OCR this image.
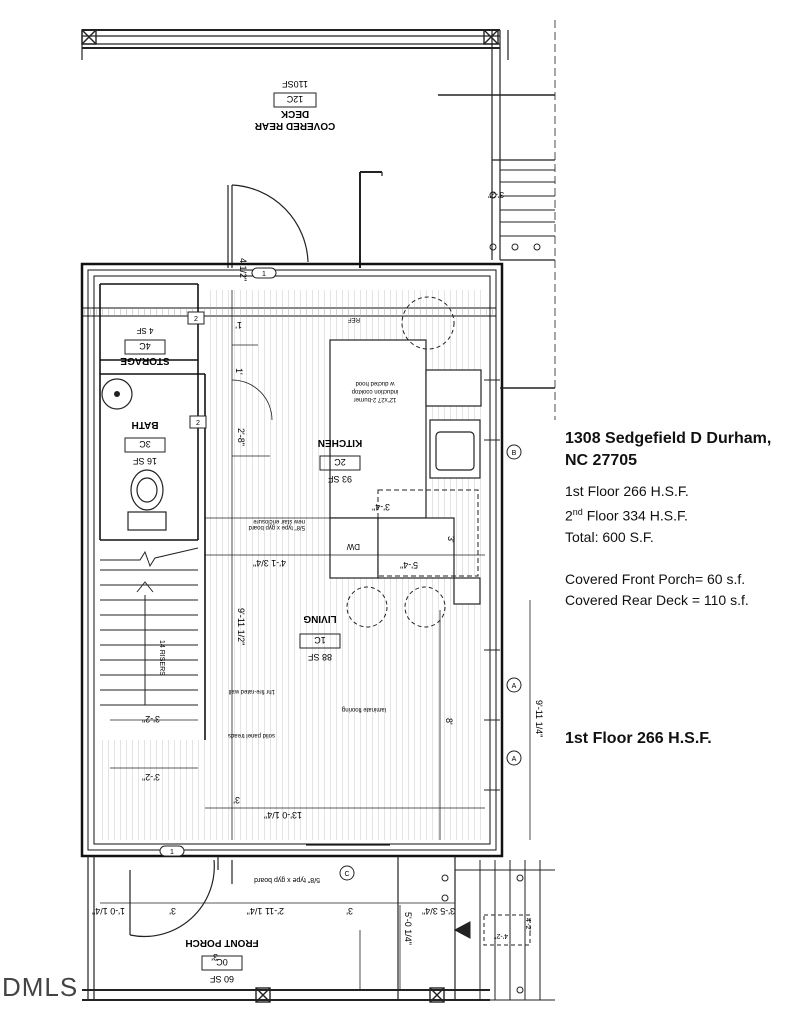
COVERED REAR
DECK
12C
110SF
3'-2"
4 1/2"
STORAGE
4C
4 SF
16 SF
3C
BATH
14 RISERS
DW
REF
12"x27 2-burner
induction cooktop
w ducted hood
93 SF
2C
KITCHEN
88 SF
1C
LIVING
1'
2'-8"
1'
3'-4"
5'-4"
4'-1 3/4"
9'-11 1/2"
3'-2"
3'-2"
3'
8'
13'-0 1/4"
9'-11 1/4"
3'
new stair enclosure
5/8" type x gyp board
1hr fire-rated wall
solid panel treads
laminate flooring
5/8" type x gyp board
1
1
2
2
A
A
B
C
4'-2"
4'-2"
1'-0 1/4"	3'	2'-11 1/4"	3'	3'-5 3/4"
5'-0 1/4"
3'
60 SF
0C
FRONT PORCH
1308 Sedgefield D Durham,
NC 27705
1st Floor 266 H.S.F.
2nd Floor 334 H.S.F.
Total: 600 S.F.
Covered Front Porch= 60 s.f.
Covered Rear Deck = 110 s.f.
1st Floor 266 H.S.F.
DMLS
